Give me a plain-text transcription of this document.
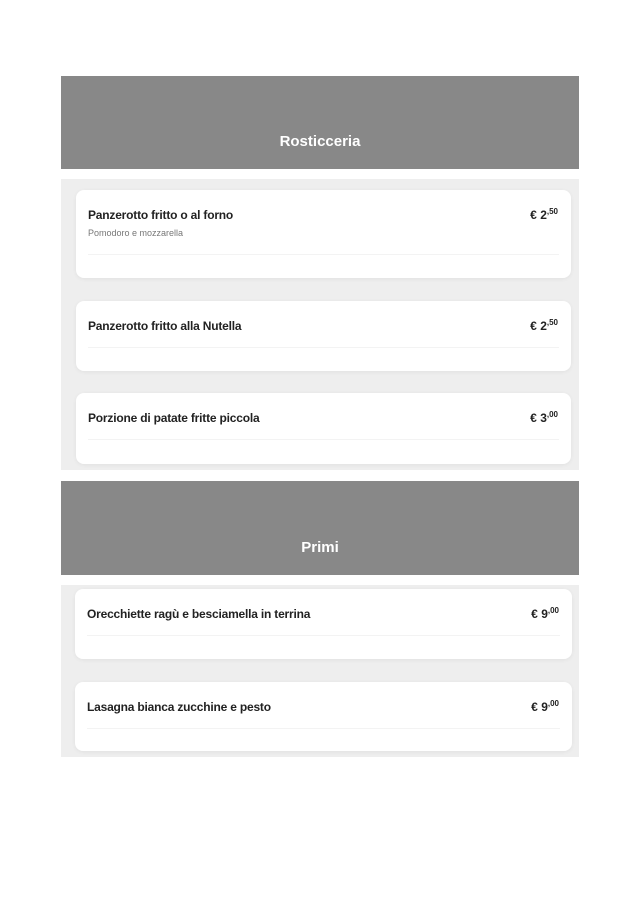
Rosticceria
Panzerotto fritto o al forno
Pomodoro e mozzarella
€ $2^{,50}$
Panzerotto fritto alla Nutella	€ $2^{,50}$
Porzione di patate fritte piccola	€ $3^{,00}$
Primi
Orecchiette ragù e besciamella in terrina	€ $9^{,00}$
Lasagna bianca zucchine e pesto	€ $9^{,00}$
